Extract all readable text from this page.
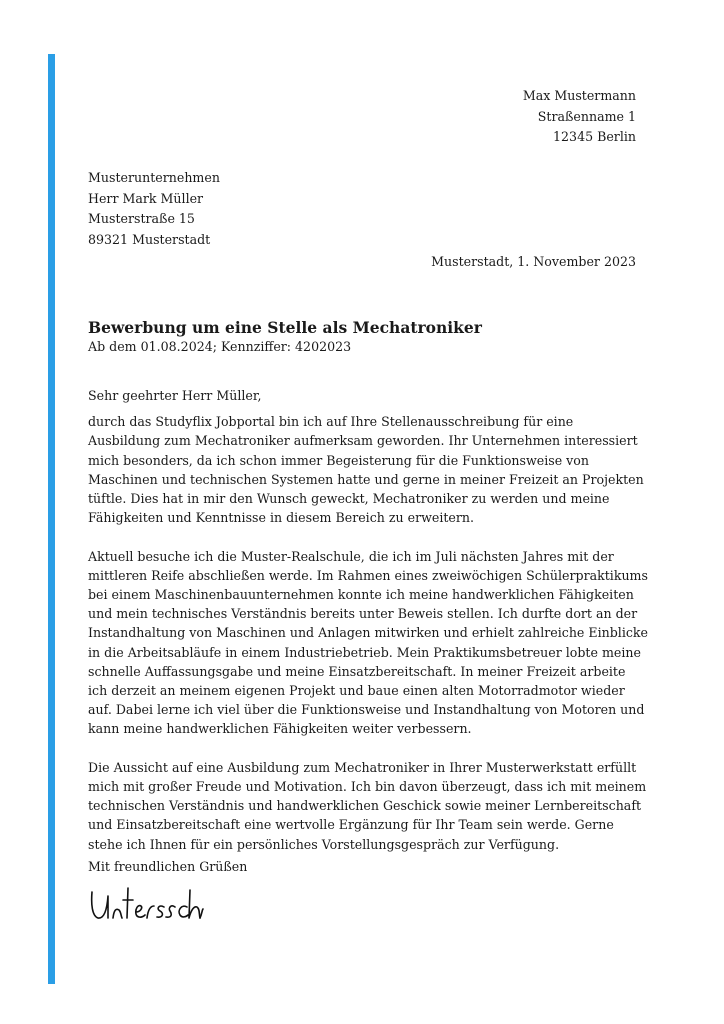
Max Mustermann
Straßenname 1
12345 Berlin
Musterunternehmen
Herr Mark Müller
Musterstraße 15
89321 Musterstadt
Musterstadt, 1. November 2023
Bewerbung um eine Stelle als Mechatroniker
Ab dem 01.08.2024; Kennziffer: 4202023

Sehr geehrter Herr Müller,

durch das Studyflix Jobportal bin ich auf Ihre Stellenausschreibung für eine Ausbildung zum Mechatroniker aufmerksam geworden. Ihr Unternehmen interessiert mich besonders, da ich schon immer Begeisterung für die Funktionsweise von Maschinen und technischen Systemen hatte und gerne in meiner Freizeit an Projekten tüftle. Dies hat in mir den Wunsch geweckt, Mechatroniker zu werden und meine Fähigkeiten und Kenntnisse in diesem Bereich zu erweitern.

Aktuell besuche ich die Muster-Realschule, die ich im Juli nächsten Jahres mit der mittleren Reife abschließen werde. Im Rahmen eines zweiwöchigen Schülerpraktikums bei einem Maschinenbauunternehmen konnte ich meine handwerklichen Fähigkeiten und mein technisches Verständnis bereits unter Beweis stellen. Ich durfte dort an der Instandhaltung von Maschinen und Anlagen mitwirken und erhielt zahlreiche Einblicke in die Arbeitsabläufe in einem Industriebetrieb. Mein Praktikumsbetreuer lobte meine schnelle Auffassungsgabe und meine Einsatzbereitschaft. In meiner Freizeit arbeite ich derzeit an meinem eigenen Projekt und baue einen alten Motorradmotor wieder auf. Dabei lerne ich viel über die Funktionsweise und Instandhaltung von Motoren und kann meine handwerklichen Fähigkeiten weiter verbessern.

Die Aussicht auf eine Ausbildung zum Mechatroniker in Ihrer Musterwerkstatt erfüllt mich mit großer Freude und Motivation. Ich bin davon überzeugt, dass ich mit meinem technischen Verständnis und handwerklichen Geschick sowie meiner Lernbereitschaft und Einsatzbereitschaft eine wertvolle Ergänzung für Ihr Team sein werde. Gerne stehe ich Ihnen für ein persönliches Vorstellungsgespräch zur Verfügung.

Mit freundlichen Grüßen
